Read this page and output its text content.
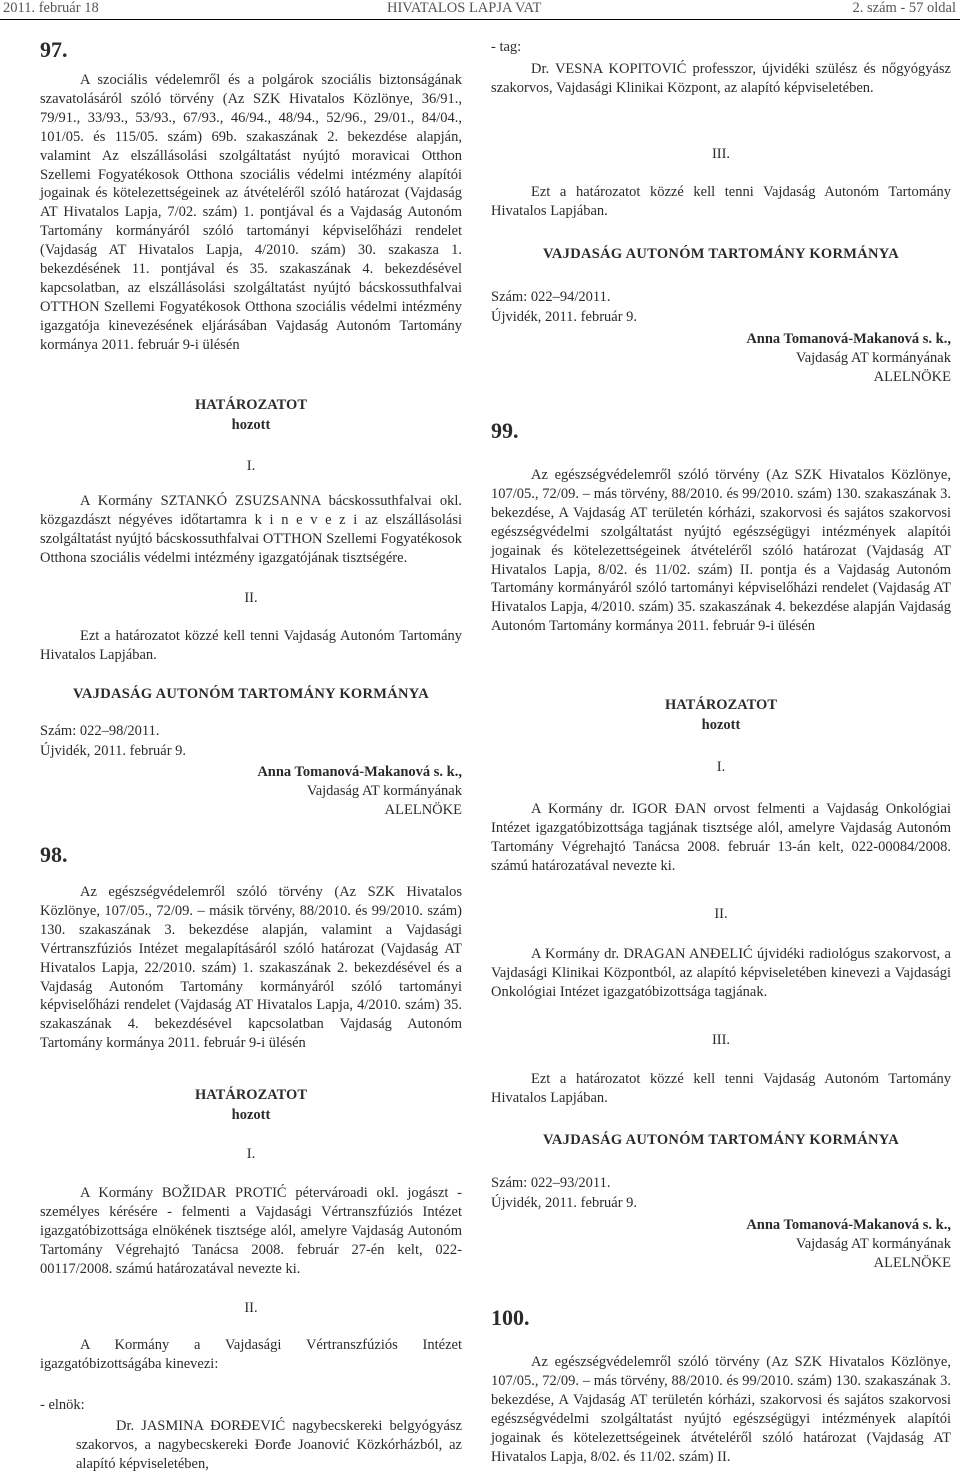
2011. február 18	HIVATALOS LAPJA VAT	2. szám - 57 oldal
97.

A szociális védelemről és a polgárok szociális biztonságának szavatolásáról szóló törvény (Az SZK Hivatalos Közlönye, 36/91., 79/91., 33/93., 53/93., 67/93., 46/94., 48/94., 52/96., 29/01., 84/04., 101/05. és 115/05. szám) 69b. szakaszának 2. bekezdése alapján, valamint Az elszállásolási szolgáltatást nyújtó moravicai Otthon Szellemi Fogyatékosok Otthona szociális védelmi intézmény alapítói jogainak és kötelezettségeinek az átvételéről szóló határozat (Vajdaság AT Hivatalos Lapja, 7/02. szám) 1. pontjával és a Vajdaság Autonóm Tartomány kormányáról szóló tartományi képviselőházi rendelet (Vajdaság AT Hivatalos Lapja, 4/2010. szám) 30. szakasza 1. bekezdésének 11. pontjával és 35. szakaszának 4. bekezdésével kapcsolatban, az elszállásolási szolgáltatást nyújtó bácskossuthfalvai OTTHON Szellemi Fogyatékosok Otthona szociális védelmi intézmény igazgatója kinevezésének eljárásában Vajdaság Autonóm Tartomány kormánya 2011. február 9-i ülésén

HATÁROZATOT
hozott
I.

A Kormány SZTANKÓ ZSUZSANNA bácskossuthfalvai okl. közgazdászt négyéves időtartamra k i n e v e z i az elszállásolási szolgáltatást nyújtó bácskossuthfalvai OTTHON Szellemi Fogyatékosok Otthona szociális védelmi intézmény igazgatójának tisztségére.

II.

Ezt a határozatot közzé kell tenni Vajdaság Autonóm Tartomány Hivatalos Lapjában.

VAJDASÁG AUTONÓM TARTOMÁNY KORMÁNYA
Szám: 022–98/2011.
Újvidék, 2011. február 9.
Anna Tomanová-Makanová s. k.,
Vajdaság AT kormányának
ALELNÖKE
98.

Az egészségvédelemről szóló törvény (Az SZK Hivatalos Közlönye, 107/05., 72/09. – másik törvény, 88/2010. és 99/2010. szám) 130. szakaszának 3. bekezdése alapján, valamint a Vajdasági Vértranszfúziós Intézet megalapításáról szóló határozat (Vajdaság AT Hivatalos Lapja, 22/2010. szám) 1. szakaszának 2. bekezdésével és a Vajdaság Autonóm Tartomány kormányáról szóló tartományi képviselőházi rendelet (Vajdaság AT Hivatalos Lapja, 4/2010. szám) 35. szakaszának 4. bekezdésével kapcsolatban Vajdaság Autonóm Tartomány kormánya 2011. február 9-i ülésén

HATÁROZATOT
hozott
I.

A Kormány BOŽIDAR PROTIĆ pétervároadi okl. jogászt - személyes kérésére - felmenti a Vajdasági Vértranszfúziós Intézet igazgatóbizottsága elnökének tisztsége alól, amelyre Vajdaság Autonóm Tartomány Végrehajtó Tanácsa 2008. február 27-én kelt, 022-00117/2008. számú határozatával nevezte ki.

II.

A Kormány a Vajdasági Vértranszfúziós Intézet igazgatóbizottságába kinevezi:

- elnök:

Dr. JASMINA ĐORĐEVIĆ nagybecskereki belgyógyász szakorvos, a nagybecskereki Đorđe Joanović Közkórházból, az alapító képviseletében,

- tag:

Dr. VESNA KOPITOVIĆ professzor, újvidéki szülész és nőgyógyász szakorvos, Vajdasági Klinikai Központ, az alapító képviseletében.

III.

Ezt a határozatot közzé kell tenni Vajdaság Autonóm Tartomány Hivatalos Lapjában.

VAJDASÁG AUTONÓM TARTOMÁNY KORMÁNYA
Szám: 022–94/2011.
Újvidék, 2011. február 9.
Anna Tomanová-Makanová s. k.,
Vajdaság AT kormányának
ALELNÖKE
99.

Az egészségvédelemről szóló törvény (Az SZK Hivatalos Közlönye, 107/05., 72/09. – más törvény, 88/2010. és 99/2010. szám) 130. szakaszának 3. bekezdése, A Vajdaság AT területén kórházi, szakorvosi és sajátos szakorvosi egészségvédelmi szolgáltatást nyújtó egészségügyi intézmények alapítói jogainak és kötelezettségeinek átvételéről szóló határozat (Vajdaság AT Hivatalos Lapja, 8/02. és 11/02. szám) II. pontja és a Vajdaság Autonóm Tartomány kormányáról szóló tartományi képviselőházi rendelet (Vajdaság AT Hivatalos Lapja, 4/2010. szám) 35. szakaszának 4. bekezdése alapján Vajdaság Autonóm Tartomány kormánya 2011. február 9-i ülésén

HATÁROZATOT
hozott
I.

A Kormány dr. IGOR ĐAN orvost felmenti a Vajdaság Onkológiai Intézet igazgatóbizottsága tagjának tisztsége alól, amelyre Vajdaság Autonóm Tartomány Végrehajtó Tanácsa 2008. február 13-án kelt, 022-00084/2008. számú határozatával nevezte ki.

II.

A Kormány dr. DRAGAN ANĐELIĆ újvidéki radiológus szakorvost, a Vajdasági Klinikai Központból, az alapító képviseletében kinevezi a Vajdasági Onkológiai Intézet igazgatóbizottsága tagjának.

III.

Ezt a határozatot közzé kell tenni Vajdaság Autonóm Tartomány Hivatalos Lapjában.

VAJDASÁG AUTONÓM TARTOMÁNY KORMÁNYA
Szám: 022–93/2011.
Újvidék, 2011. február 9.
Anna Tomanová-Makanová s. k.,
Vajdaság AT kormányának
ALELNÖKE
100.

Az egészségvédelemről szóló törvény (Az SZK Hivatalos Közlönye, 107/05., 72/09. – más törvény, 88/2010. és 99/2010. szám) 130. szakaszának 3. bekezdése, A Vajdaság AT területén kórházi, szakorvosi és sajátos szakorvosi egészségvédelmi szolgáltatást nyújtó egészségügyi intézmények alapítói jogainak és kötelezettségeinek átvételéről szóló határozat (Vajdaság AT Hivatalos Lapja, 8/02. és 11/02. szám) II.
